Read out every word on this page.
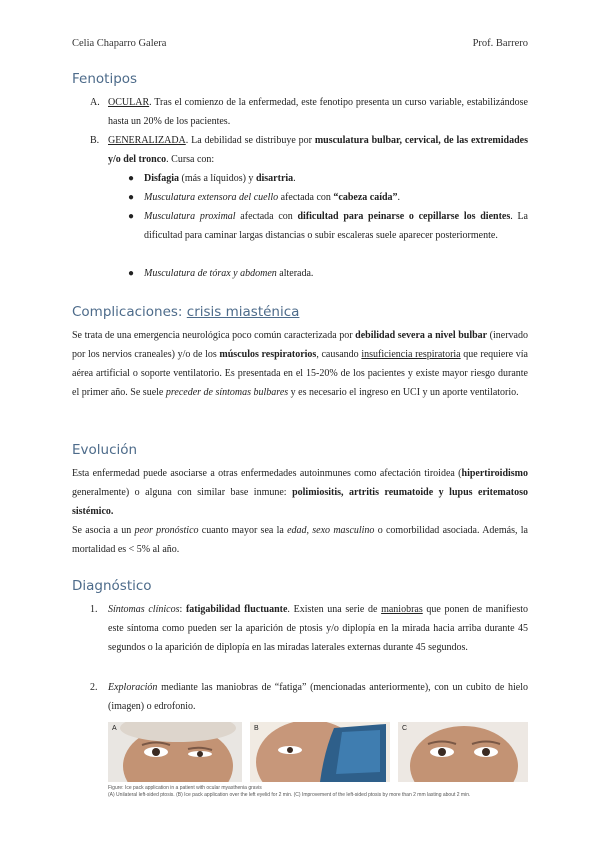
Celia Chaparro Galera	Prof. Barrero
Fenotipos
A. OCULAR. Tras el comienzo de la enfermedad, este fenotipo presenta un curso variable, estabilizándose hasta un 20% de los pacientes.

B. GENERALIZADA. La debilidad se distribuye por musculatura bulbar, cervical, de las extremidades y/o del tronco. Cursa con:

● Disfagia (más a líquidos) y disartria.

● Musculatura extensora del cuello afectada con “cabeza caída”.

● Musculatura proximal afectada con dificultad para peinarse o cepillarse los dientes. La dificultad para caminar largas distancias o subir escaleras suele aparecer posteriormente.

● Musculatura de tórax y abdomen alterada.

Complicaciones: crisis miasténica

Se trata de una emergencia neurológica poco común caracterizada por debilidad severa a nivel bulbar (inervado por los nervios craneales) y/o de los músculos respiratorios, causando insuficiencia respiratoria que requiere vía aérea artificial o soporte ventilatorio. Es presentada en el 15-20% de los pacientes y existe mayor riesgo durante el primer año. Se suele preceder de síntomas bulbares y es necesario el ingreso en UCI y un aporte ventilatorio.

Evolución

Esta enfermedad puede asociarse a otras enfermedades autoinmunes como afectación tiroidea (hipertiroidismo generalmente) o alguna con similar base inmune: polimiositis, artritis reumatoide y lupus eritematoso sistémico.

Se asocia a un peor pronóstico cuanto mayor sea la edad, sexo masculino o comorbilidad asociada. Además, la mortalidad es < 5% al año.

Diagnóstico
1. Síntomas clínicos: fatigabilidad fluctuante. Existen una serie de maniobras que ponen de manifiesto este síntoma como pueden ser la aparición de ptosis y/o diplopía en la mirada hacia arriba durante 45 segundos o la aparición de diplopía en las miradas laterales externas durante 45 segundos.

2. Exploración mediante las maniobras de “fatiga” (mencionadas anteriormente), con un cubito de hielo (imagen) o edrofonio.

A	B	C
Figure: Ice pack application in a patient with ocular myasthenia gravis
(A) Unilateral left-sided ptosis. (B) Ice pack application over the left eyelid for 2 min. (C) Improvement of the left-sided ptosis by more than 2 mm lasting about 2 min.
